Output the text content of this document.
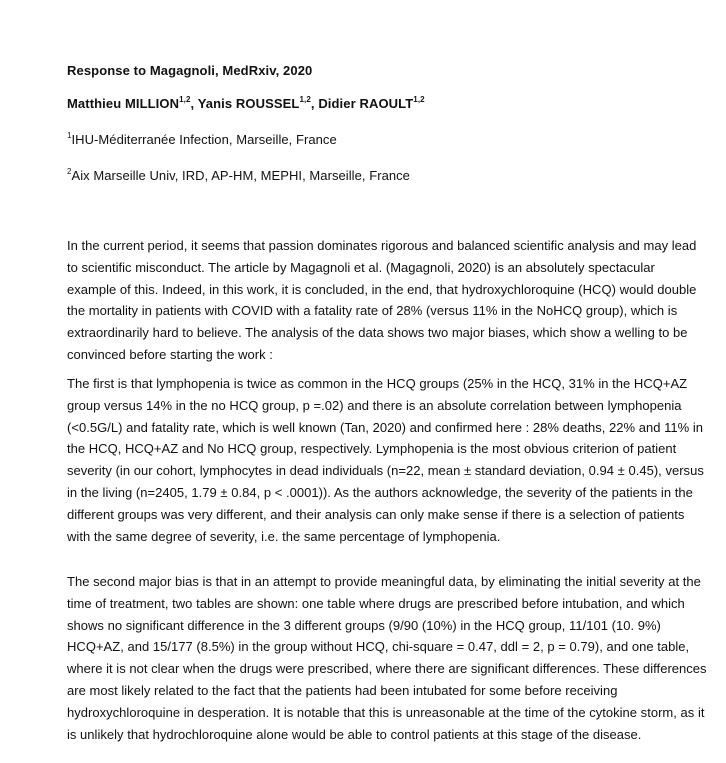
Response to Magagnoli, MedRxiv, 2020
Matthieu MILLION$^{1,2}$, Yanis ROUSSEL$^{1,2}$, Didier RAOULT$^{1,2}$
$^1$IHU-Méditerranée Infection, Marseille, France
$^2$Aix Marseille Univ, IRD, AP-HM, MEPHI, Marseille, France

In the current period, it seems that passion dominates rigorous and balanced scientific analysis and may lead to scientific misconduct. The article by Magagnoli et al. (Magagnoli, 2020) is an absolutely spectacular example of this. Indeed, in this work, it is concluded, in the end, that hydroxychloroquine (HCQ) would double the mortality in patients with COVID with a fatality rate of 28% (versus 11% in the NoHCQ group), which is extraordinarily hard to believe. The analysis of the data shows two major biases, which show a welling to be convinced before starting the work :

The first is that lymphopenia is twice as common in the HCQ groups (25% in the HCQ, 31% in the HCQ+AZ group versus 14% in the no HCQ group, p =.02) and there is an absolute correlation between lymphopenia (<0.5G/L) and fatality rate, which is well known (Tan, 2020) and confirmed here : 28% deaths, 22% and 11% in the HCQ, HCQ+AZ and No HCQ group, respectively. Lymphopenia is the most obvious criterion of patient severity (in our cohort, lymphocytes in dead individuals (n=22, mean ± standard deviation, 0.94 ± 0.45), versus in the living (n=2405, 1.79 ± 0.84, p < .0001)). As the authors acknowledge, the severity of the patients in the different groups was very different, and their analysis can only make sense if there is a selection of patients with the same degree of severity, i.e. the same percentage of lymphopenia.

The second major bias is that in an attempt to provide meaningful data, by eliminating the initial severity at the time of treatment, two tables are shown: one table where drugs are prescribed before intubation, and which shows no significant difference in the 3 different groups (9/90 (10%) in the HCQ group, 11/101 (10. 9%) HCQ+AZ, and 15/177 (8.5%) in the group without HCQ, chi-square = 0.47, ddl = 2, p = 0.79), and one table, where it is not clear when the drugs were prescribed, where there are significant differences. These differences are most likely related to the fact that the patients had been intubated for some before receiving hydroxychloroquine in desperation. It is notable that this is unreasonable at the time of the cytokine storm, as it is unlikely that hydrochloroquine alone would be able to control patients at this stage of the disease.
